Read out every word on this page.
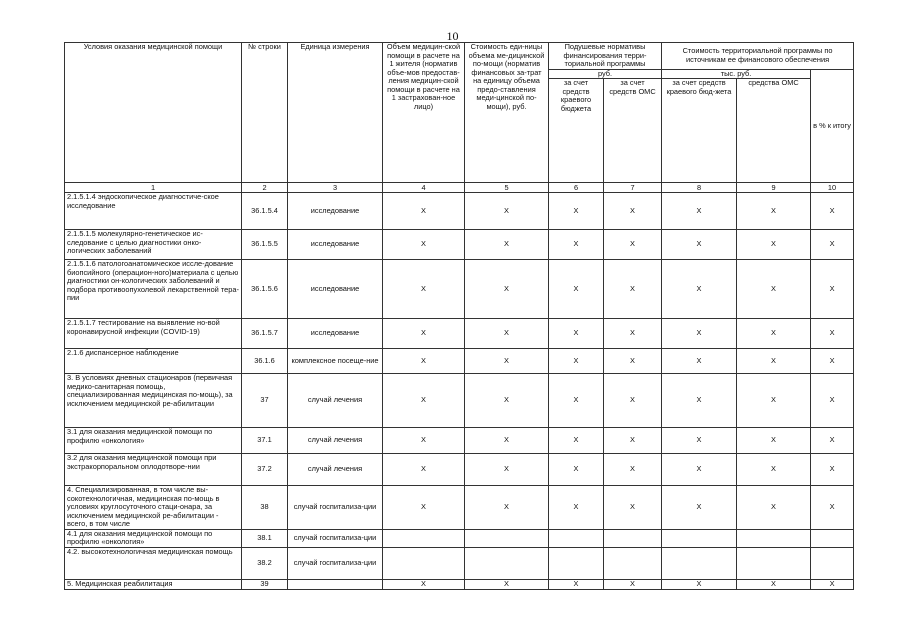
10
Условия оказания медицинской помощи	№ строки	Единица измерения	Объем медицин-ской помощи в расчете на 1 жителя (норматив объе-мов предостав-ления медицин-ской помощи в расчете на 1 застрахован-ное лицо)	Стоимость еди-ницы объема ме-дицинской по-мощи (норматив финансовых за-трат на единицу объема предо-ставления меди-цинской по-мощи), руб.	Подушевые нормативы финансирования терри-ториальной программы		Стоимость территориальной программы по источникам ее финансового обеспечения		
					руб.		тыс. руб.		в % к итогу
					за счет средств краевого бюджета	за счет средств ОМС	за счет средств краевого бюд-жета	средства ОМС	
1	2	3	4	5	6	7	8	9	10
2.1.5.1.4 эндоскопическое диагностиче-ское исследование	36.1.5.4	исследование	X	X	X	X	X	X	X
2.1.5.1.5 молекулярно-генетическое ис-следование с целью диагностики онко-логических заболеваний	36.1.5.5	исследование	X	X	X	X	X	X	X
2.1.5.1.6 патологоанатомическое иссле-дование биопсийного (операцион-ного)материала с целью диагностики он-кологических заболеваний и подбора противоопухолевой лекарственной тера-пии	36.1.5.6	исследование	X	X	X	X	X	X	X
2.1.5.1.7 тестирование на выявление но-вой коронавирусной инфекции (COVID-19)	36.1.5.7	исследование	X	X	X	X	X	X	X
2.1.6 диспансерное наблюдение	36.1.6	комплексное посеще-ние	X	X	X	X	X	X	X
3. В условиях дневных стационаров (первичная медико-санитарная помощь, специализированная медицинская по-мощь), за исключением медицинской ре-абилитации	37	случай лечения	X	X	X	X	X	X	X
3.1 для оказания медицинской помощи по профилю «онкология»	37.1	случай лечения	X	X	X	X	X	X	X
3.2 для оказания медицинской помощи при экстракорпоральном оплодотворе-нии	37.2	случай лечения	X	X	X	X	X	X	X
4. Специализированная, в том числе вы-сокотехнологичная, медицинская по-мощь в условиях круглосуточного стаци-онара, за исключением медицинской ре-абилитации - всего, в том числе	38	случай госпитализа-ции	X	X	X	X	X	X	X
4.1 для оказания медицинской помощи по профилю «онкология»	38.1	случай госпитализа-ции							
4.2. высокотехнологичная медицинская помощь	38.2	случай госпитализа-ции							
5. Медицинская реабилитация	39		X	X	X	X	X	X	X
